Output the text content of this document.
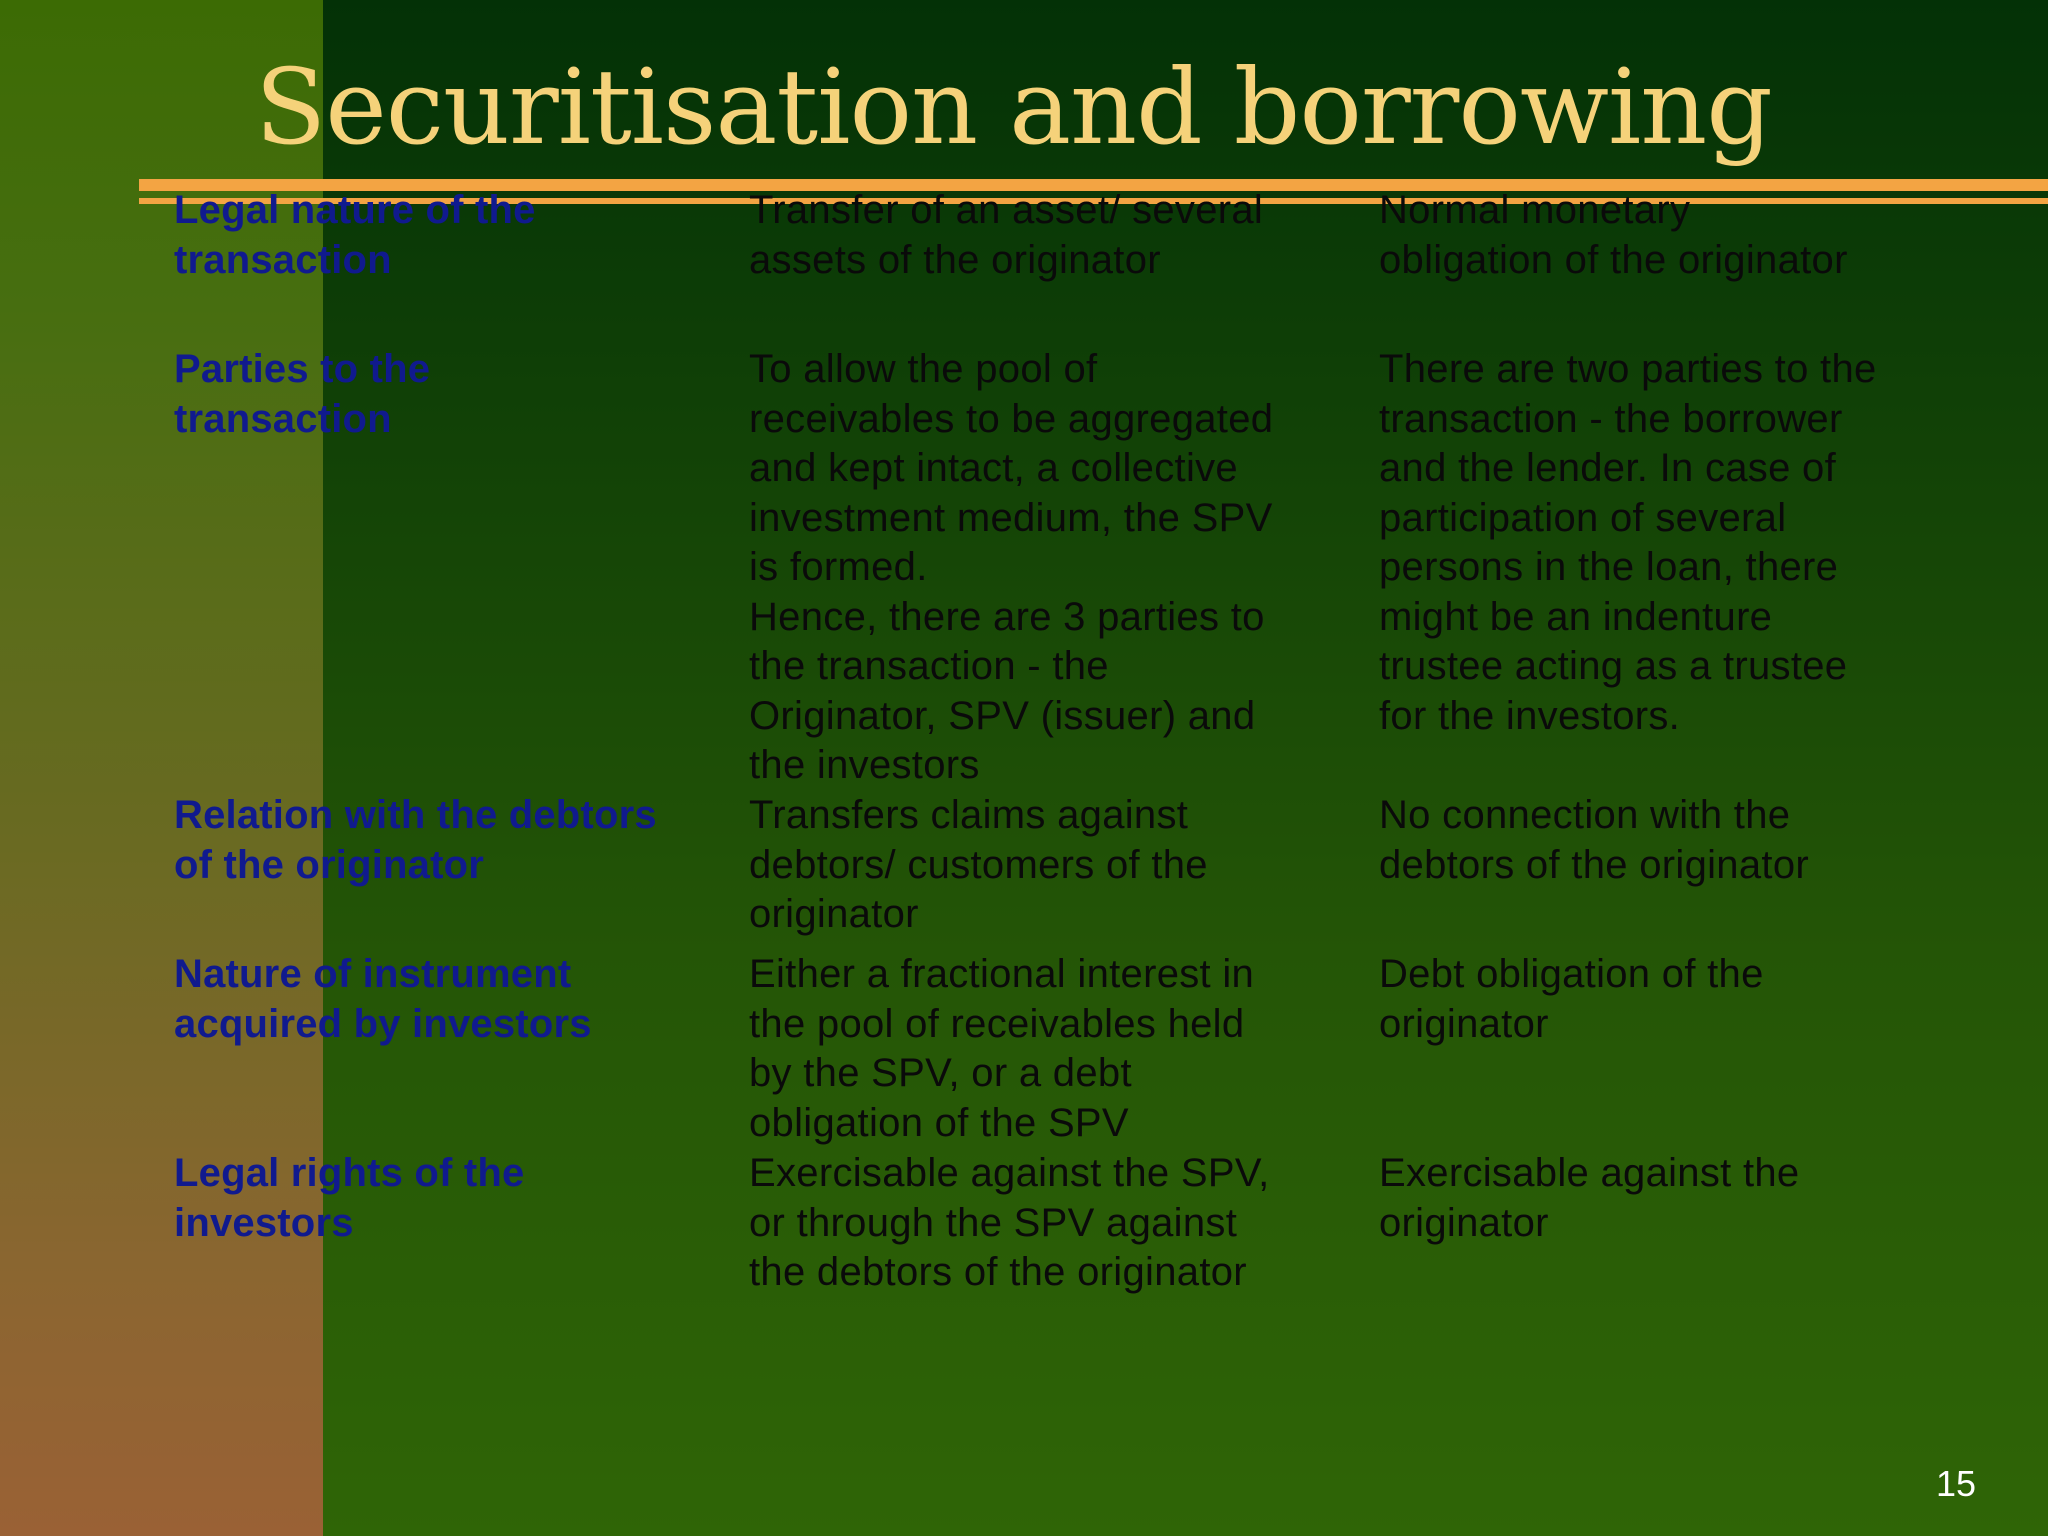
Securitisation and borrowing

Legal nature of the
transaction

Transfer of an asset/ several
assets of the originator

Normal monetary
obligation of the originator

Parties to the
transaction

To allow the pool of
receivables to be aggregated
and kept intact, a collective
investment medium, the SPV
is formed.
Hence, there are 3 parties to
the transaction - the
Originator, SPV (issuer) and
the investors

There are two parties to the
transaction - the borrower
and the lender. In case of
participation of several
persons in the loan, there
might be an indenture
trustee acting as a trustee
for the investors.

Relation with the debtors
of the originator

Transfers claims against
debtors/ customers of the
originator

No connection with the
debtors of the originator

Nature of instrument
acquired by investors

Either a fractional interest in
the pool of receivables held
by the SPV, or a debt
obligation of the SPV

Debt obligation of the
originator

Legal rights of the
investors

Exercisable against the SPV,
or through the SPV against
the debtors of the originator

Exercisable against the
originator

15
